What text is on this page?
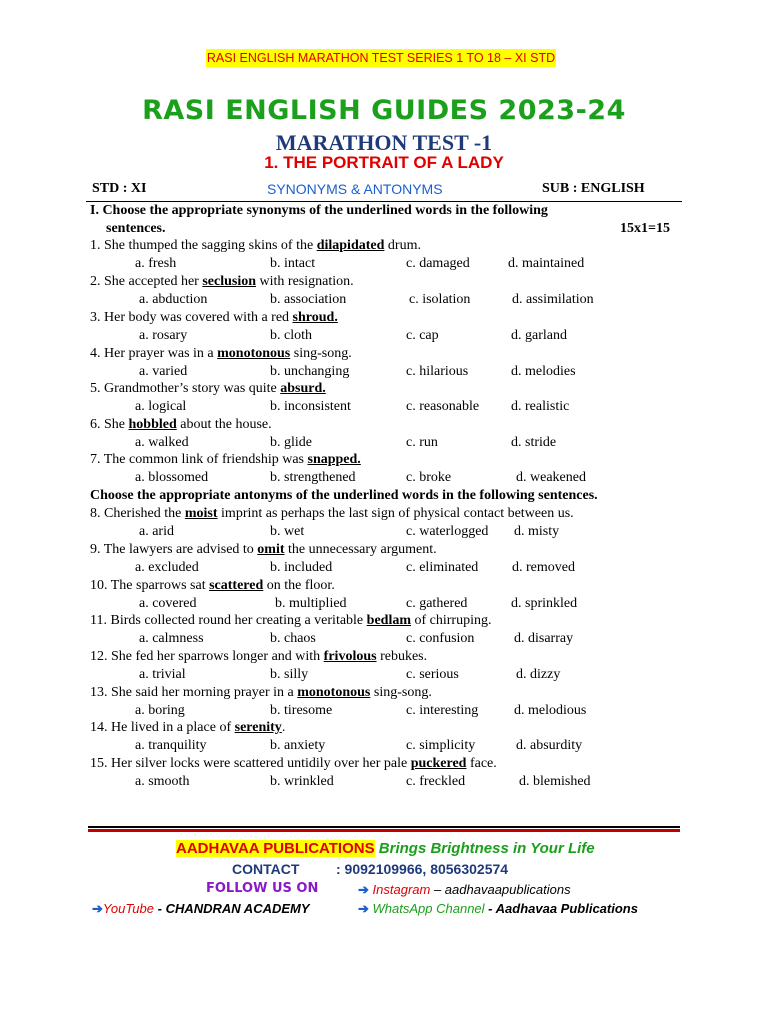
RASI ENGLISH MARATHON TEST SERIES 1 TO 18 – XI STD
RASI ENGLISH GUIDES 2023-24
MARATHON TEST -1
1. THE PORTRAIT OF A LADY
STD : XI	SYNONYMS & ANTONYMS	SUB : ENGLISH
I. Choose the appropriate synonyms of the underlined words in the following
sentences.	15x1=15
Choose the appropriate antonyms of the underlined words in the following sentences.
1. She thumped the sagging skins of the dilapidated drum.
a. fresh	b. intact	c. damaged	d. maintained
2. She accepted her seclusion with resignation.
a. abduction	b. association	c. isolation	d. assimilation
3. Her body was covered with a red shroud.
a. rosary	b. cloth	c. cap	d. garland
4. Her prayer was in a monotonous sing-song.
a. varied	b. unchanging	c. hilarious	d. melodies
5. Grandmother’s story was quite absurd.
a. logical	b. inconsistent	c. reasonable d. realistic
6. She hobbled about the house.
a. walked	b. glide	c. run	d. stride
7. The common link of friendship was snapped.
a. blossomed	b. strengthened	c. broke	d. weakened
8. Cherished the moist imprint as perhaps the last sign of physical contact between us.
a. arid	b. wet	c. waterlogged d. misty
9. The lawyers are advised to omit the unnecessary argument.
a. excluded	b. included	c. eliminated d. removed
10. The sparrows sat scattered on the floor.
a. covered	b. multiplied	c. gathered	d. sprinkled
11. Birds collected round her creating a veritable bedlam of chirruping.
a. calmness	b. chaos	c. confusion	d. disarray
12. She fed her sparrows longer and with frivolous rebukes.
a. trivial	b. silly	c. serious	d. dizzy
13. She said her morning prayer in a monotonous sing-song.
a. boring	b. tiresome	c. interesting	d. melodious
14. He lived in a place of serenity.
a. tranquility	b. anxiety	c. simplicity	d. absurdity
15. Her silver locks were scattered untidily over her pale puckered face.
a. smooth	b. wrinkled	c. freckled	d. blemished
AADHAVAA PUBLICATIONS Brings Brightness in Your Life
CONTACT	: 9092109966, 8056302574
FOLLOW US ON	➔ Instagram – aadhavaapublications
➔YouTube - CHANDRAN ACADEMY	➔ WhatsApp Channel - Aadhavaa Publications
